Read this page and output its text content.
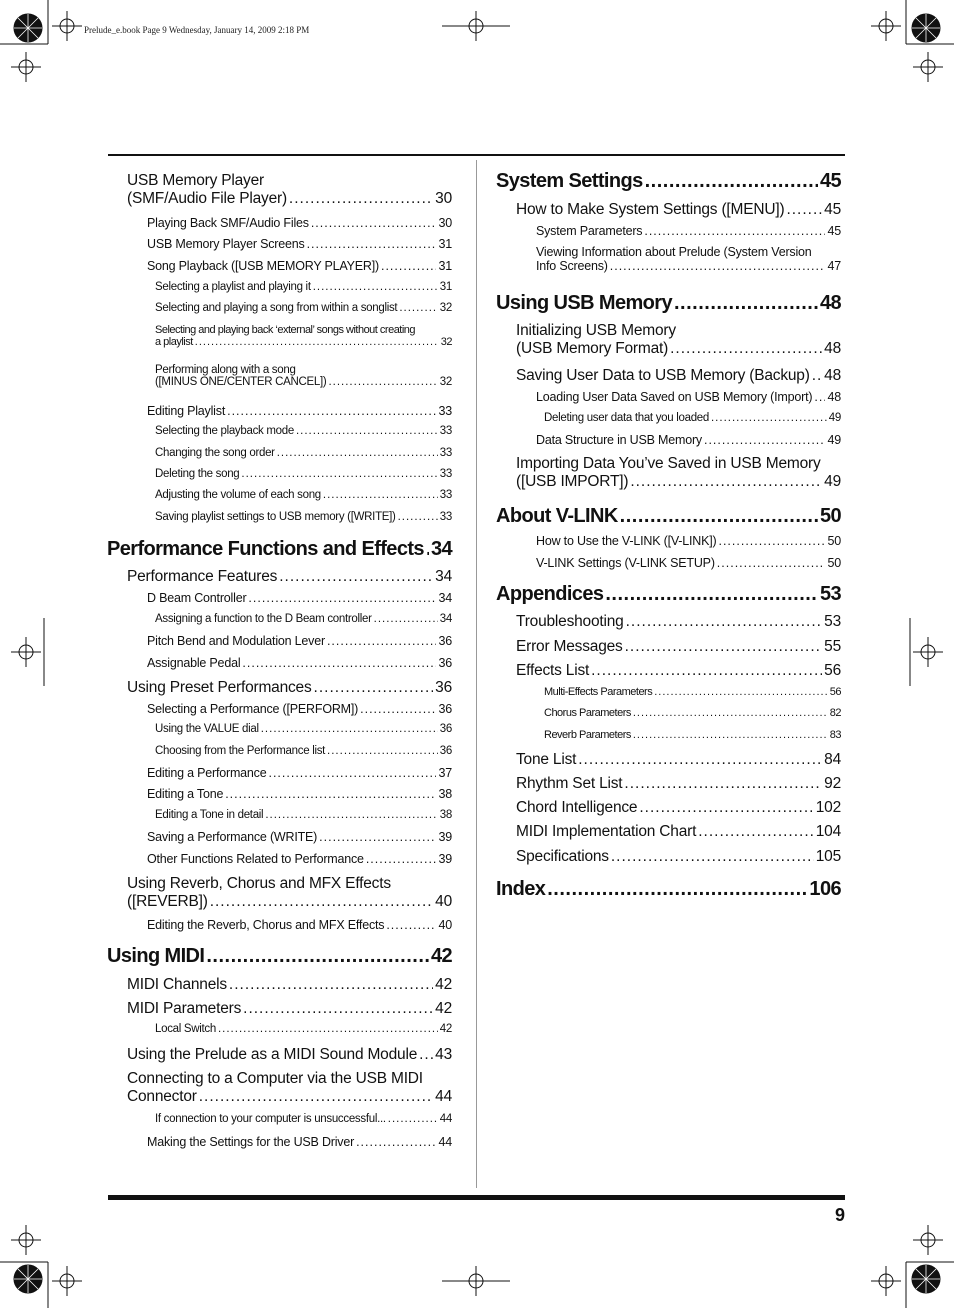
Prelude_e.book Page 9 Wednesday, January 14, 2009 2:18 PM
USB Memory Player
(SMF/Audio File Player) .....	30
Playing Back SMF/Audio Files .....	30
USB Memory Player Screens .....	31
Song Playback ([USB MEMORY PLAYER]) .....	31
Selecting a playlist and playing it .....	31
Selecting and playing a song from within a songlist .....	32
Selecting and playing back ‘external’ songs without creating
a playlist .....	32
Performing along with a song
([MINUS ONE/CENTER CANCEL]) .....	32
Editing Playlist .....	33
Selecting the playback mode .....	33
Changing the song order .....	33
Deleting the song .....	33
Adjusting the volume of each song .....	33
Saving playlist settings to USB memory ([WRITE]) .....	33
Performance Functions and Effects ..... 34
Performance Features .....	34
D Beam Controller .....	34
Assigning a function to the D Beam controller .....	34
Pitch Bend and Modulation Lever .....	36
Assignable Pedal .....	36
Using Preset Performances .....	36
Selecting a Performance ([PERFORM]) .....	36
Using the VALUE dial .....	36
Choosing from the Performance list .....	36
Editing a Performance .....	37
Editing a Tone .....	38
Editing a Tone in detail .....	38
Saving a Performance (WRITE) .....	39
Other Functions Related to Performance .....	39
Using Reverb, Chorus and MFX Effects
([REVERB]) .....	40
Editing the Reverb, Chorus and MFX Effects .....	40
Using MIDI .....	42
MIDI Channels .....	42
MIDI Parameters .....	42
Local Switch .....	42
Using the Prelude as a MIDI Sound Module ..... 43
Connecting to a Computer via the USB MIDI
Connector .....	44
If connection to your computer is unsuccessful... .....	44
Making the Settings for the USB Driver .....	44
System Settings .....	45
How to Make System Settings ([MENU]) .....	45
System Parameters .....	45
Viewing Information about Prelude (System Version
Info Screens) .....	47
Using USB Memory .....	48
Initializing USB Memory
(USB Memory Format) .....	48
Saving User Data to USB Memory (Backup) ..... 48
Loading User Data Saved on USB Memory (Import) ..... 48
Deleting user data that you loaded .....	49
Data Structure in USB Memory .....	49
Importing Data You’ve Saved in USB Memory
([USB IMPORT]) .....	49
About V-LINK .....	50
How to Use the V-LINK ([V-LINK]) .....	50
V-LINK Settings (V-LINK SETUP) .....	50
Appendices .....	53
Troubleshooting .....	53
Error Messages .....	55
Effects List .....	56
Multi-Effects Parameters .....	56
Chorus Parameters .....	82
Reverb Parameters .....	83
Tone List .....	84
Rhythm Set List .....	92
Chord Intelligence .....	102
MIDI Implementation Chart .....	104
Specifications .....	105
Index .....	106
9
